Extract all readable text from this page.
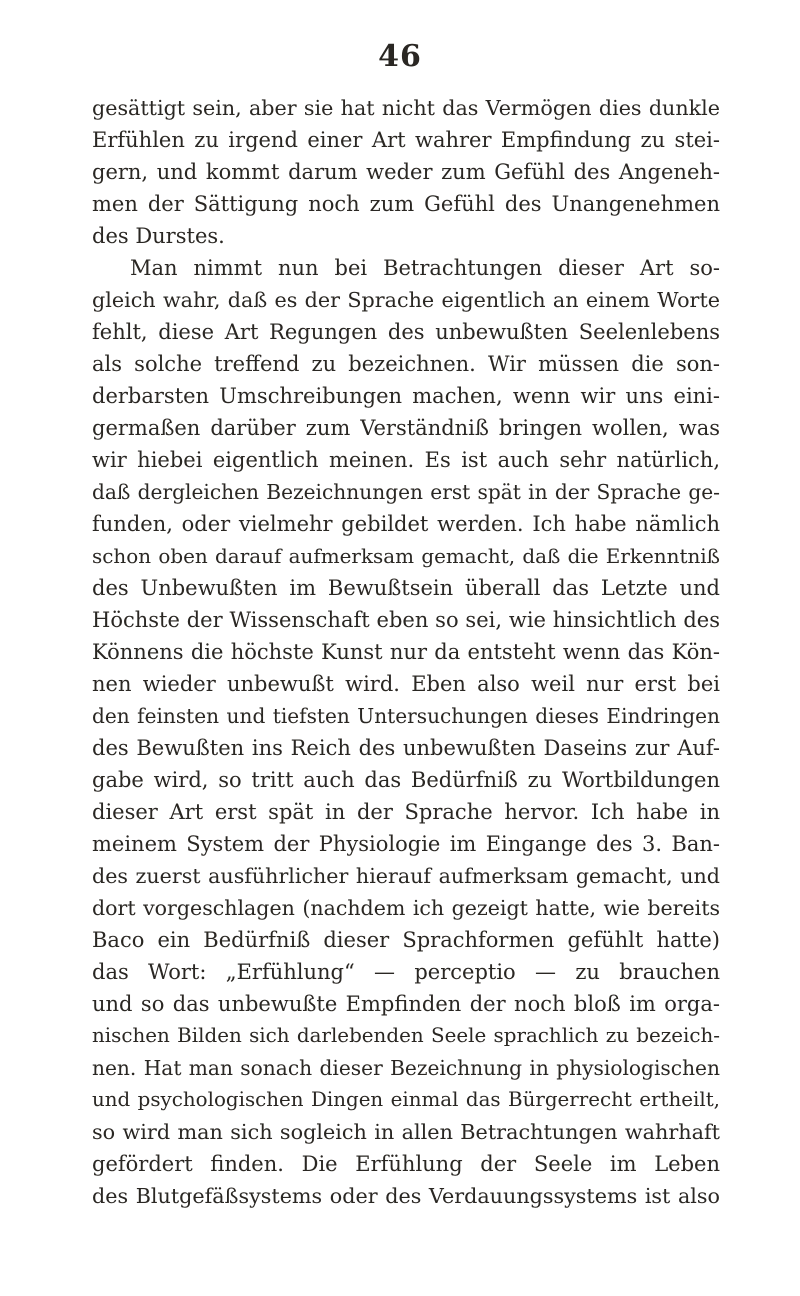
46
gesättigt sein, aber sie hat nicht das Vermögen dies dunkle
Erfühlen zu irgend einer Art wahrer Empfindung zu stei-
gern, und kommt darum weder zum Gefühl des Angeneh-
men der Sättigung noch zum Gefühl des Unangenehmen
des Durstes.
Man nimmt nun bei Betrachtungen dieser Art so-
gleich wahr, daß es der Sprache eigentlich an einem Worte
fehlt, diese Art Regungen des unbewußten Seelenlebens
als solche treffend zu bezeichnen. Wir müssen die son-
derbarsten Umschreibungen machen, wenn wir uns eini-
germaßen darüber zum Verständniß bringen wollen, was
wir hiebei eigentlich meinen. Es ist auch sehr natürlich,
daß dergleichen Bezeichnungen erst spät in der Sprache ge-
funden, oder vielmehr gebildet werden. Ich habe nämlich
schon oben darauf aufmerksam gemacht, daß die Erkenntniß
des Unbewußten im Bewußtsein überall das Letzte und
Höchste der Wissenschaft eben so sei, wie hinsichtlich des
Könnens die höchste Kunst nur da entsteht wenn das Kön-
nen wieder unbewußt wird. Eben also weil nur erst bei
den feinsten und tiefsten Untersuchungen dieses Eindringen
des Bewußten ins Reich des unbewußten Daseins zur Auf-
gabe wird, so tritt auch das Bedürfniß zu Wortbildungen
dieser Art erst spät in der Sprache hervor. Ich habe in
meinem System der Physiologie im Eingange des 3. Ban-
des zuerst ausführlicher hierauf aufmerksam gemacht, und
dort vorgeschlagen (nachdem ich gezeigt hatte, wie bereits
Baco ein Bedürfniß dieser Sprachformen gefühlt hatte)
das Wort: „Erfühlung“ — perceptio — zu brauchen
und so das unbewußte Empfinden der noch bloß im orga-
nischen Bilden sich darlebenden Seele sprachlich zu bezeich-
nen. Hat man sonach dieser Bezeichnung in physiologischen
und psychologischen Dingen einmal das Bürgerrecht ertheilt,
so wird man sich sogleich in allen Betrachtungen wahrhaft
gefördert finden. Die Erfühlung der Seele im Leben
des Blutgefäßsystems oder des Verdauungssystems ist also
